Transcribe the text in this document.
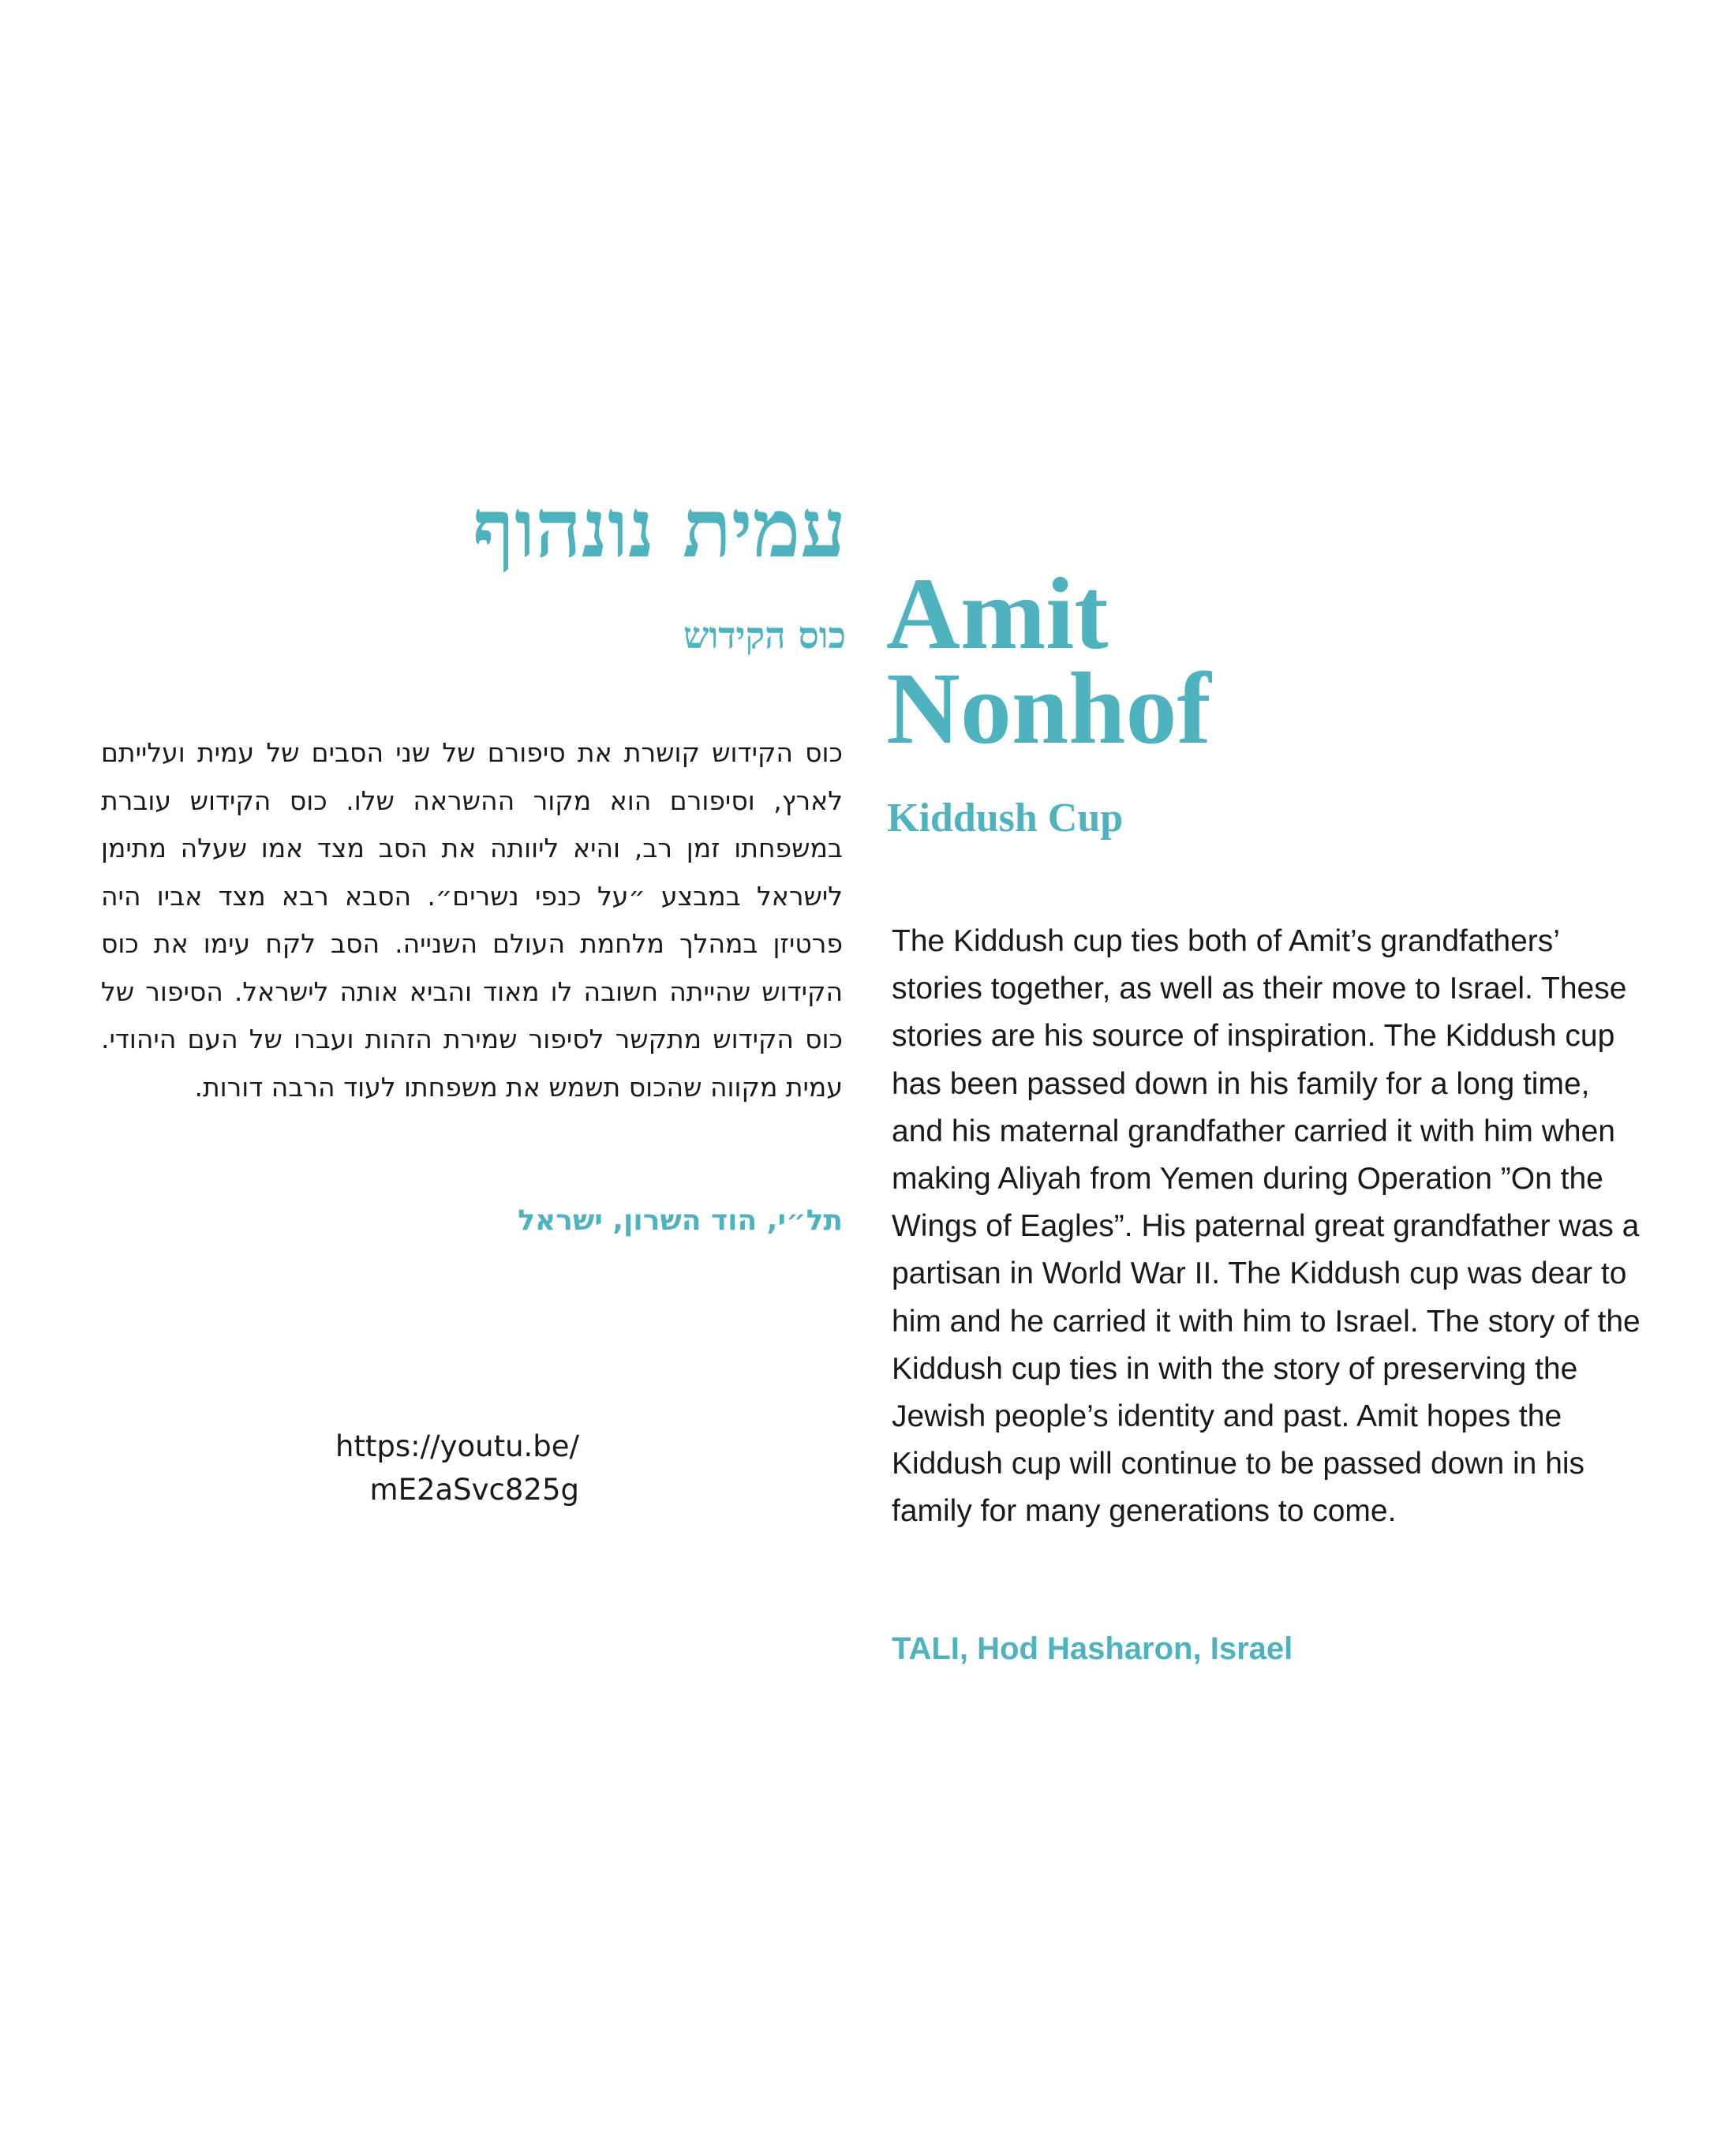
עמית נונהוף
כוס הקידוש

כוס הקידוש קושרת את סיפורם של שני הסבים של עמית ועלייתם לארץ, וסיפורם הוא מקור ההשראה שלו. כוס הקידוש עוברת במשפחתו זמן רב, והיא ליוותה את הסב מצד אמו שעלה מתימן לישראל במבצע ״על כנפי נשרים״. הסבא רבא מצד אביו היה פרטיזן במהלך מלחמת העולם השנייה. הסב לקח עימו את כוס הקידוש שהייתה חשובה לו מאוד והביא אותה לישראל. הסיפור של כוס הקידוש מתקשר לסיפור שמירת הזהות ועברו של העם היהודי. עמית מקווה שהכוס תשמש את משפחתו לעוד הרבה דורות.

תל״י, הוד השרון, ישראל

https://youtu.be/
mE2aSvc825g

Amit
Nonhof
Kiddush Cup

The Kiddush cup ties both of Amit’s grandfathers’ stories together, as well as their move to Israel. These stories are his source of inspiration. The Kiddush cup has been passed down in his family for a long time, and his maternal grandfather carried it with him when making Aliyah from Yemen during Operation ”On the Wings of Eagles”. His paternal great grandfather was a partisan in World War II. The Kiddush cup was dear to him and he carried it with him to Israel. The story of the Kiddush cup ties in with the story of preserving the Jewish people’s identity and past. Amit hopes the Kiddush cup will continue to be passed down in his family for many generations to come.

TALI, Hod Hasharon, Israel
